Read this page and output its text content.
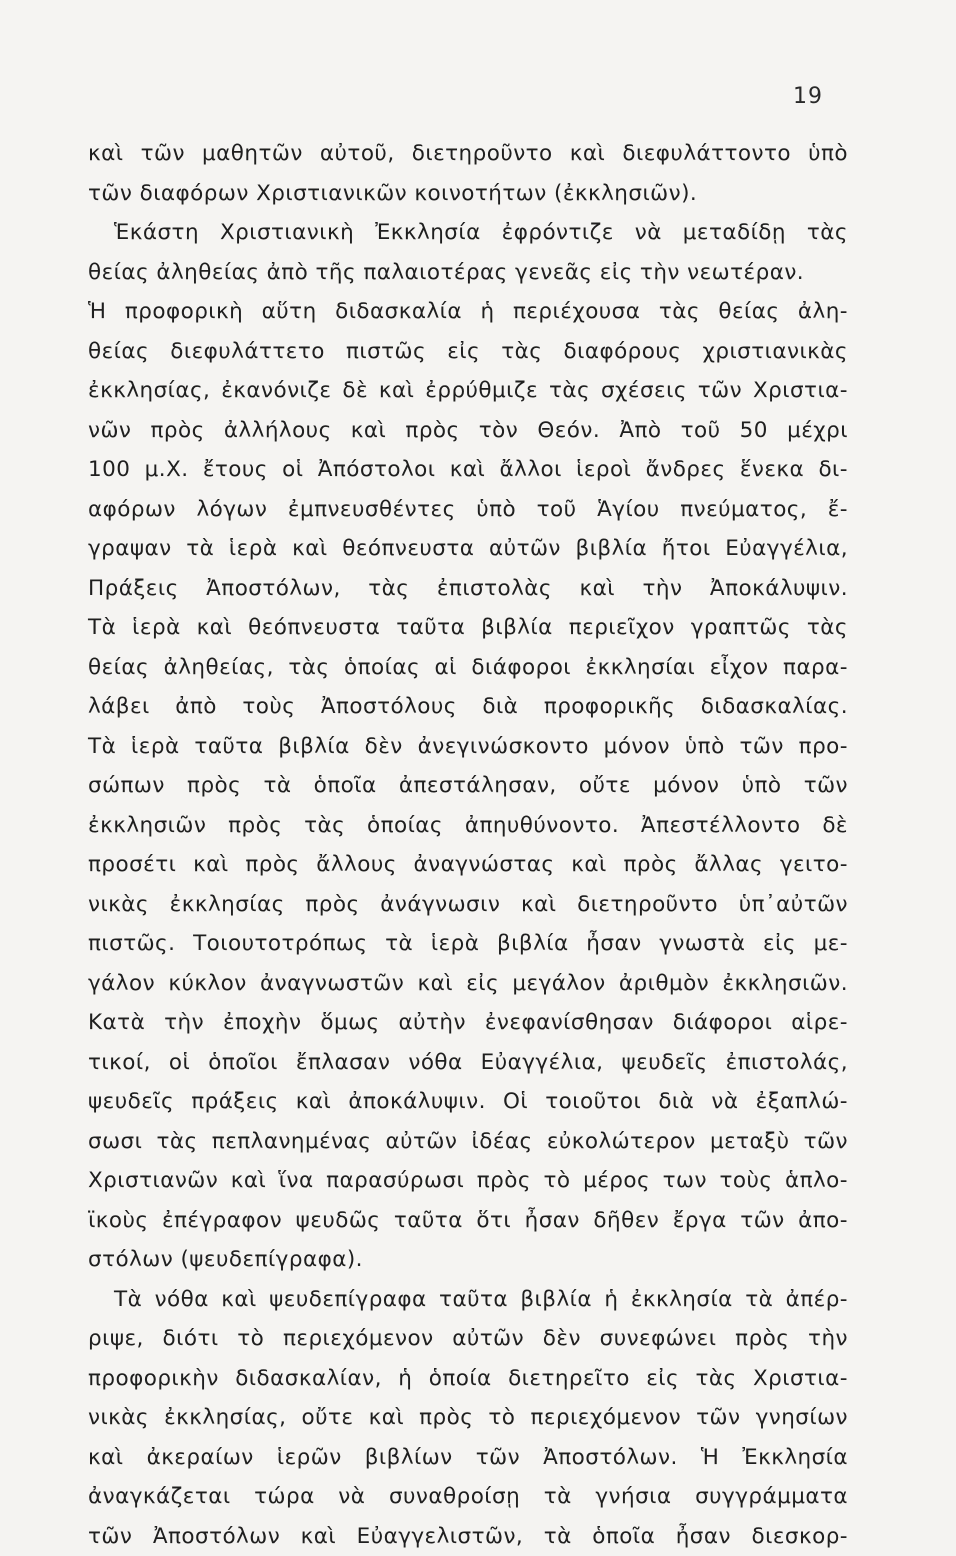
19
καὶ τῶν μαθητῶν αὐτοῦ, διετηροῦντο καὶ διεφυλάττοντο ὑπὸ
τῶν διαφόρων Χριστιανικῶν κοινοτήτων (ἐκκλησιῶν).
Ἑκάστη Χριστιανικὴ Ἐκκλησία ἐφρόντιζε νὰ μεταδίδῃ τὰς
θείας ἀληθείας ἀπὸ τῆς παλαιοτέρας γενεᾶς εἰς τὴν νεωτέραν.
Ἡ προφορικὴ αὕτη διδασκαλία ἡ περιέχουσα τὰς θείας ἀλη-
θείας διεφυλάττετο πιστῶς εἰς τὰς διαφόρους χριστιανικὰς
ἐκκλησίας, ἐκανόνιζε δὲ καὶ ἐρρύθμιζε τὰς σχέσεις τῶν Χριστια-
νῶν πρὸς ἀλλήλους καὶ πρὸς τὸν Θεόν. Ἀπὸ τοῦ 50 μέχρι
100 μ.Χ. ἔτους οἱ Ἀπόστολοι καὶ ἄλλοι ἱεροὶ ἄνδρες ἕνεκα δι-
αφόρων λόγων ἐμπνευσθέντες ὑπὸ τοῦ Ἁγίου πνεύματος, ἔ-
γραψαν τὰ ἱερὰ καὶ θεόπνευστα αὐτῶν βιβλία ἤτοι Εὐαγγέλια,
Πράξεις Ἀποστόλων, τὰς ἐπιστολὰς καὶ τὴν Ἀποκάλυψιν.
Τὰ ἱερὰ καὶ θεόπνευστα ταῦτα βιβλία περιεῖχον γραπτῶς τὰς
θείας ἀληθείας, τὰς ὁποίας αἱ διάφοροι ἐκκλησίαι εἶχον παρα-
λάβει ἀπὸ τοὺς Ἀποστόλους διὰ προφορικῆς διδασκαλίας.
Τὰ ἱερὰ ταῦτα βιβλία δὲν ἀνεγινώσκοντο μόνον ὑπὸ τῶν προ-
σώπων πρὸς τὰ ὁποῖα ἀπεστάλησαν, οὔτε μόνον ὑπὸ τῶν
ἐκκλησιῶν πρὸς τὰς ὁποίας ἀπηυθύνοντο. Ἀπεστέλλοντο δὲ
προσέτι καὶ πρὸς ἄλλους ἀναγνώστας καὶ πρὸς ἄλλας γειτο-
νικὰς ἐκκλησίας πρὸς ἀνάγνωσιν καὶ διετηροῦντο ὑπ᾿αὐτῶν
πιστῶς. Τοιουτοτρόπως τὰ ἱερὰ βιβλία ἦσαν γνωστὰ εἰς με-
γάλον κύκλον ἀναγνωστῶν καὶ εἰς μεγάλον ἀριθμὸν ἐκκλησιῶν.
Κατὰ τὴν ἐποχὴν ὅμως αὐτὴν ἐνεφανίσθησαν διάφοροι αἱρε-
τικοί, οἱ ὁποῖοι ἔπλασαν νόθα Εὐαγγέλια, ψευδεῖς ἐπιστολάς,
ψευδεῖς πράξεις καὶ ἀποκάλυψιν. Οἱ τοιοῦτοι διὰ νὰ ἐξαπλώ-
σωσι τὰς πεπλανημένας αὐτῶν ἰδέας εὐκολώτερον μεταξὺ τῶν
Χριστιανῶν καὶ ἵνα παρασύρωσι πρὸς τὸ μέρος των τοὺς ἁπλο-
ϊκοὺς ἐπέγραφον ψευδῶς ταῦτα ὅτι ἦσαν δῆθεν ἔργα τῶν ἀπο-
στόλων (ψευδεπίγραφα).
Τὰ νόθα καὶ ψευδεπίγραφα ταῦτα βιβλία ἡ ἐκκλησία τὰ ἀπέρ-
ριψε, διότι τὸ περιεχόμενον αὐτῶν δὲν συνεφώνει πρὸς τὴν
προφορικὴν διδασκαλίαν, ἡ ὁποία διετηρεῖτο εἰς τὰς Χριστια-
νικὰς ἐκκλησίας, οὔτε καὶ πρὸς τὸ περιεχόμενον τῶν γνησίων
καὶ ἀκεραίων ἱερῶν βιβλίων τῶν Ἀποστόλων. Ἡ Ἐκκλησία
ἀναγκάζεται τώρα νὰ συναθροίσῃ τὰ γνήσια συγγράμματα
τῶν Ἀποστόλων καὶ Εὐαγγελιστῶν, τὰ ὁποῖα ἦσαν διεσκορ-
